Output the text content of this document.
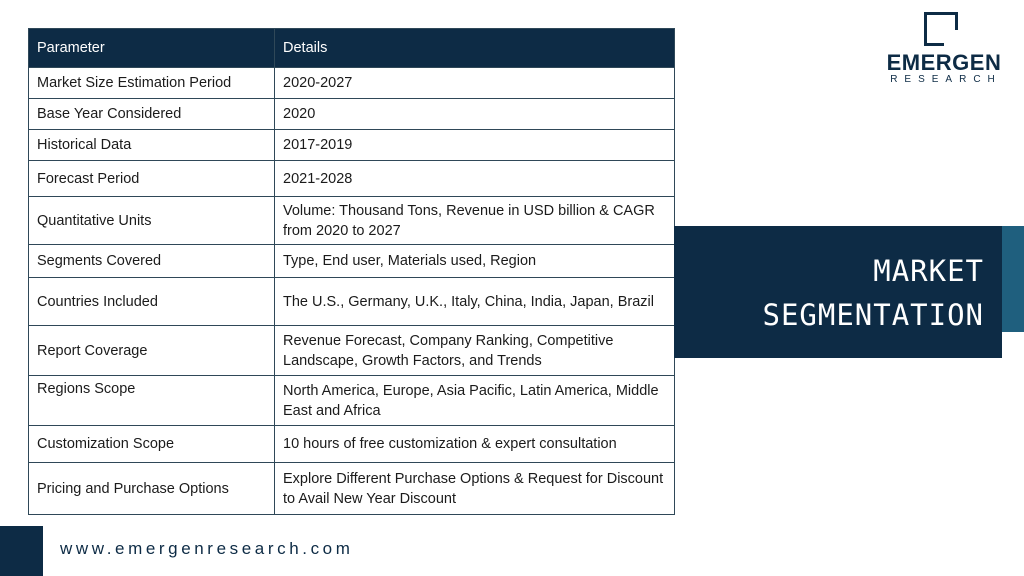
Parameter	Details
Market Size Estimation Period	2020-2027
Base Year Considered	2020
Historical Data	2017-2019
Forecast Period	2021-2028
Quantitative Units	Volume: Thousand Tons, Revenue in USD billion & CAGR from 2020 to 2027
Segments Covered	Type, End user, Materials used, Region
Countries Included	The U.S., Germany, U.K., Italy, China, India, Japan, Brazil
Report Coverage	Revenue Forecast, Company Ranking, Competitive Landscape, Growth Factors, and Trends
Regions Scope	North America, Europe, Asia Pacific, Latin America, Middle East and Africa
Customization Scope	10 hours of free customization & expert consultation
Pricing and Purchase Options	Explore Different Purchase Options & Request for Discount to Avail New Year Discount
EMERGEN
RESEARCH
MARKET
SEGMENTATION
www.emergenresearch.com
